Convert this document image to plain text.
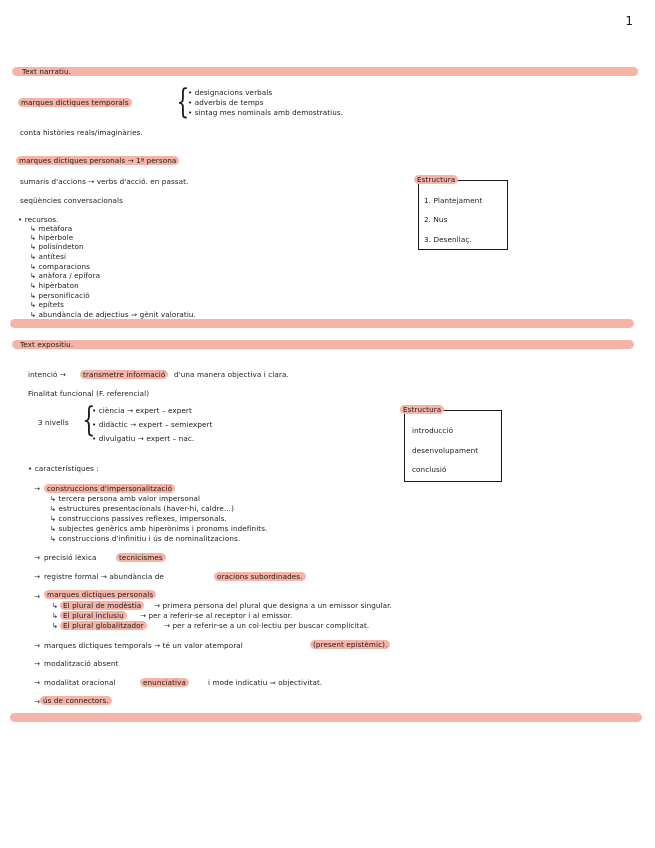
1
Text narratiu.
marques díctiques temporals {
• designacions verbals
• adverbis de temps
• sintag mes nominals amb demostratius.
conta històries reals/imaginàries.
marques díctiques personals → 1ª persona
sumaris d'accions → verbs d'acció. en passat.
seqüències conversacionals
• recursos.
↳ metàfora
↳ hipèrbole
↳ polisíndeton
↳ antítesi
↳ comparacions
↳ anàfora / epífora
↳ hipèrbaton
↳ personificació
↳ epítets
↳ abundància de adjectius ⇒ gènit valoratiu.
Estructura
1. Plantejament
2. Nus
3. Desenllaç.
Text expositiu.
intenció →	transmetre informació	d'una manera objectiva i clara.
Finalitat funcional (F. referencial)
3 nivells {
• ciència → expert – expert
• didàctic → expert – semiexpert
• divulgatiu → expert – nac.
Estructura
introducció
desenvolupament
conclusió
• característiques :
→ construccions d'impersonalització
↳ tercera persona amb valor impersonal
↳ estructures presentacionals (haver-hi, caldre...)
↳ construccions passives reflexes, impersonals.
↳ subjectes genèrics amb hiperònims i pronoms indefinits.
↳ construccions d'infinitiu i ús de nominalitzacions.
→ precisió lèxica	tecnicismes
→ registre formal → abundància de	oracions subordinades.
→ marques díctiques personals
↳ El plural de modèstia	→ primera persona del plural que designa a un emissor singular.
↳ El plural inclusiu	→ per a referir-se al receptor i al emissor.
↳ El plural globalitzador	→ per a referir-se a un col·lectiu per buscar complicitat.
→ marques díctiques temporals → té un valor atemporal	(present epistèmic).
→ modalització absent
→ modalitat oracional	enunciativa	i mode indicatiu ⇒ objectivitat.
→ ús de connectors.
